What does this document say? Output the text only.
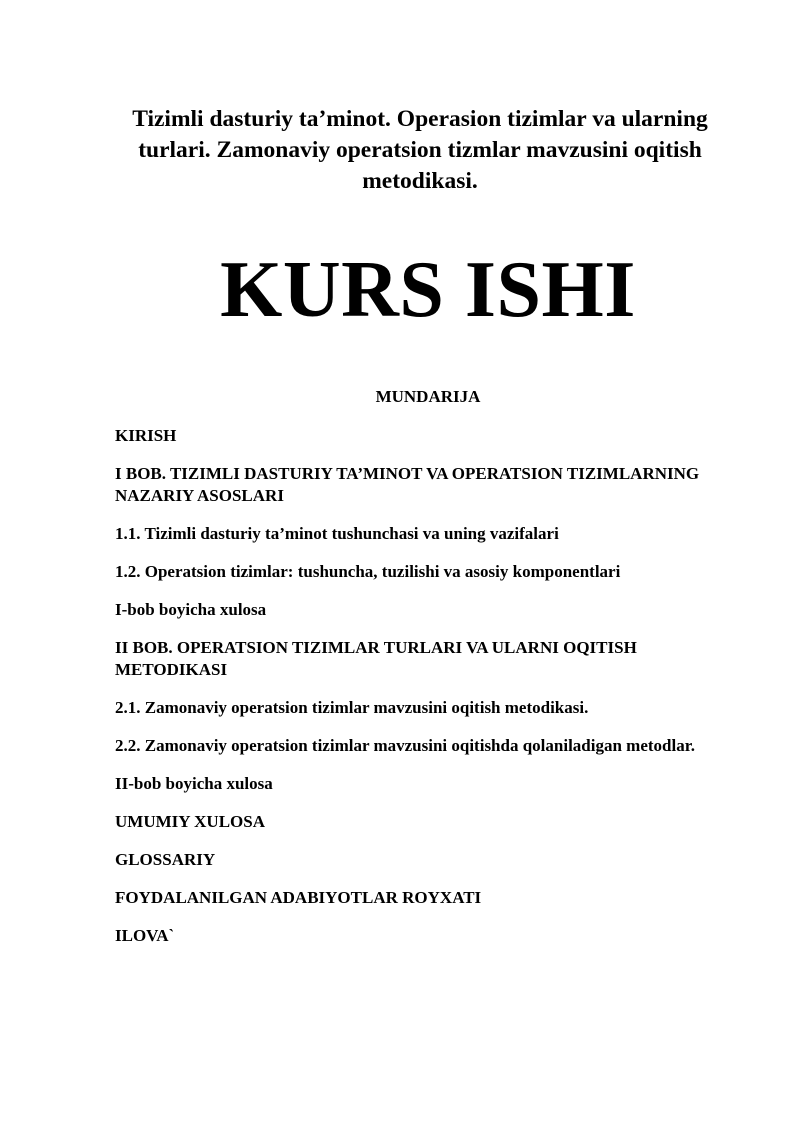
Tizimli dasturiy ta’minot. Operasion tizimlar va ularning turlari. Zamonaviy operatsion tizmlar mavzusini oqitish metodikasi.
KURS ISHI
MUNDARIJA
KIRISH
I BOB. TIZIMLI DASTURIY TA’MINOT VA OPERATSION TIZIMLARNING NAZARIY ASOSLARI
1.1. Tizimli dasturiy ta’minot tushunchasi va uning vazifalari
1.2. Operatsion tizimlar: tushuncha, tuzilishi va asosiy komponentlari
I-bob boyicha xulosa
II BOB. OPERATSION TIZIMLAR TURLARI VA ULARNI OQITISH METODIKASI
2.1. Zamonaviy operatsion tizimlar mavzusini oqitish metodikasi.
2.2. Zamonaviy operatsion tizimlar mavzusini oqitishda qolaniladigan metodlar.
II-bob boyicha xulosa
UMUMIY XULOSA
GLOSSARIY
FOYDALANILGAN ADABIYOTLAR ROYXATI
ILOVA`
